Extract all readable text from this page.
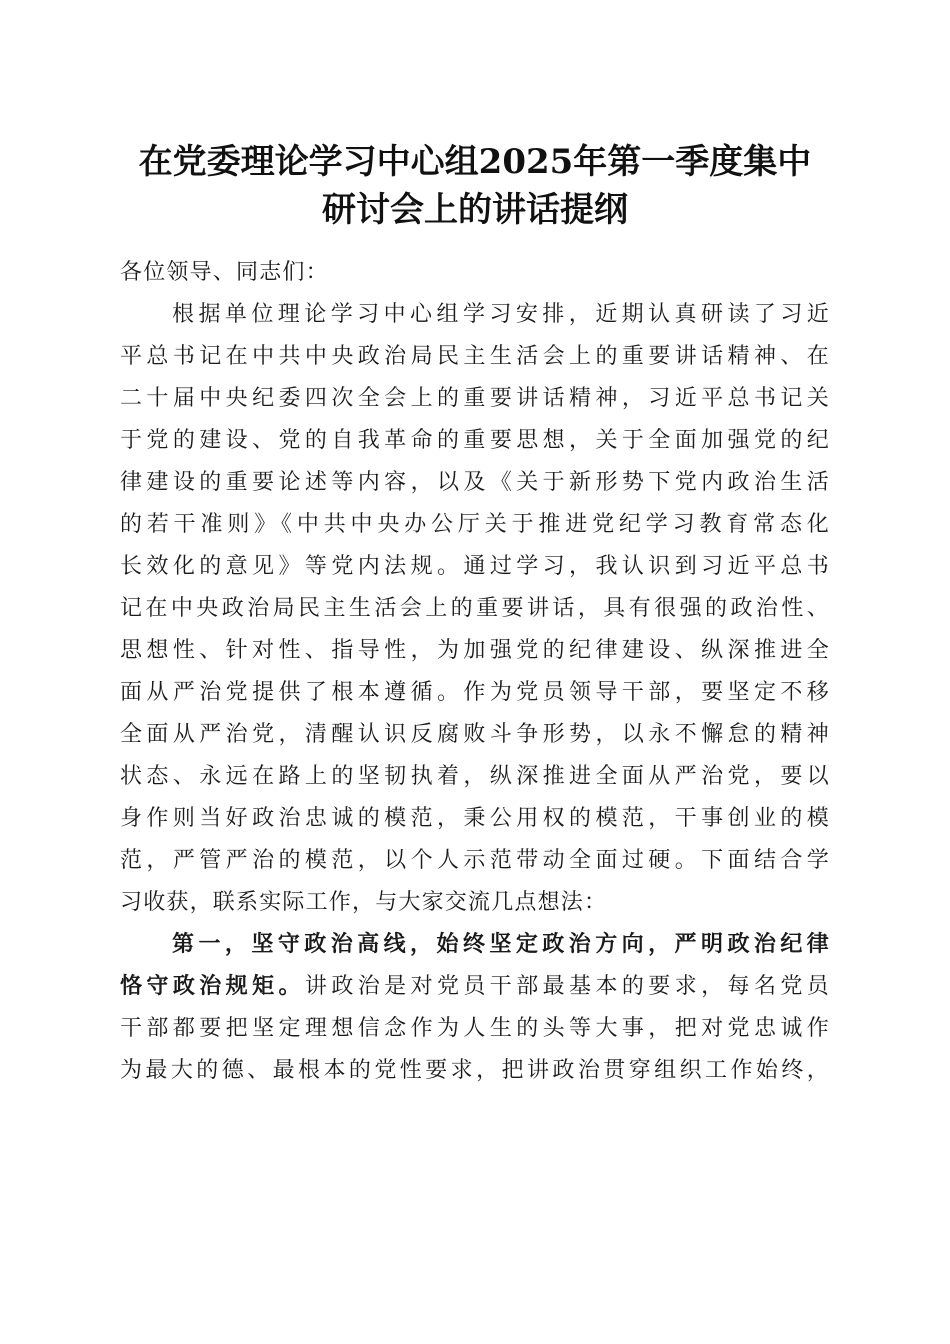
在党委理论学习中心组2025年第一季度集中
研讨会上的讲话提纲
各位领导、同志们：
根据单位理论学习中心组学习安排，近期认真研读了习近
平总书记在中共中央政治局民主生活会上的重要讲话精神、在
二十届中央纪委四次全会上的重要讲话精神，习近平总书记关
于党的建设、党的自我革命的重要思想，关于全面加强党的纪
律建设的重要论述等内容，以及《关于新形势下党内政治生活
的若干准则》《中共中央办公厅关于推进党纪学习教育常态化
长效化的意见》等党内法规。通过学习，我认识到习近平总书
记在中央政治局民主生活会上的重要讲话，具有很强的政治性、
思想性、针对性、指导性，为加强党的纪律建设、纵深推进全
面从严治党提供了根本遵循。作为党员领导干部，要坚定不移
全面从严治党，清醒认识反腐败斗争形势，以永不懈怠的精神
状态、永远在路上的坚韧执着，纵深推进全面从严治党，要以
身作则当好政治忠诚的模范，秉公用权的模范，干事创业的模
范，严管严治的模范，以个人示范带动全面过硬。下面结合学
习收获，联系实际工作，与大家交流几点想法：
第一，坚守政治高线，始终坚定政治方向，严明政治纪律
恪守政治规矩。讲政治是对党员干部最基本的要求，每名党员
干部都要把坚定理想信念作为人生的头等大事，把对党忠诚作
为最大的德、最根本的党性要求，把讲政治贯穿组织工作始终，
